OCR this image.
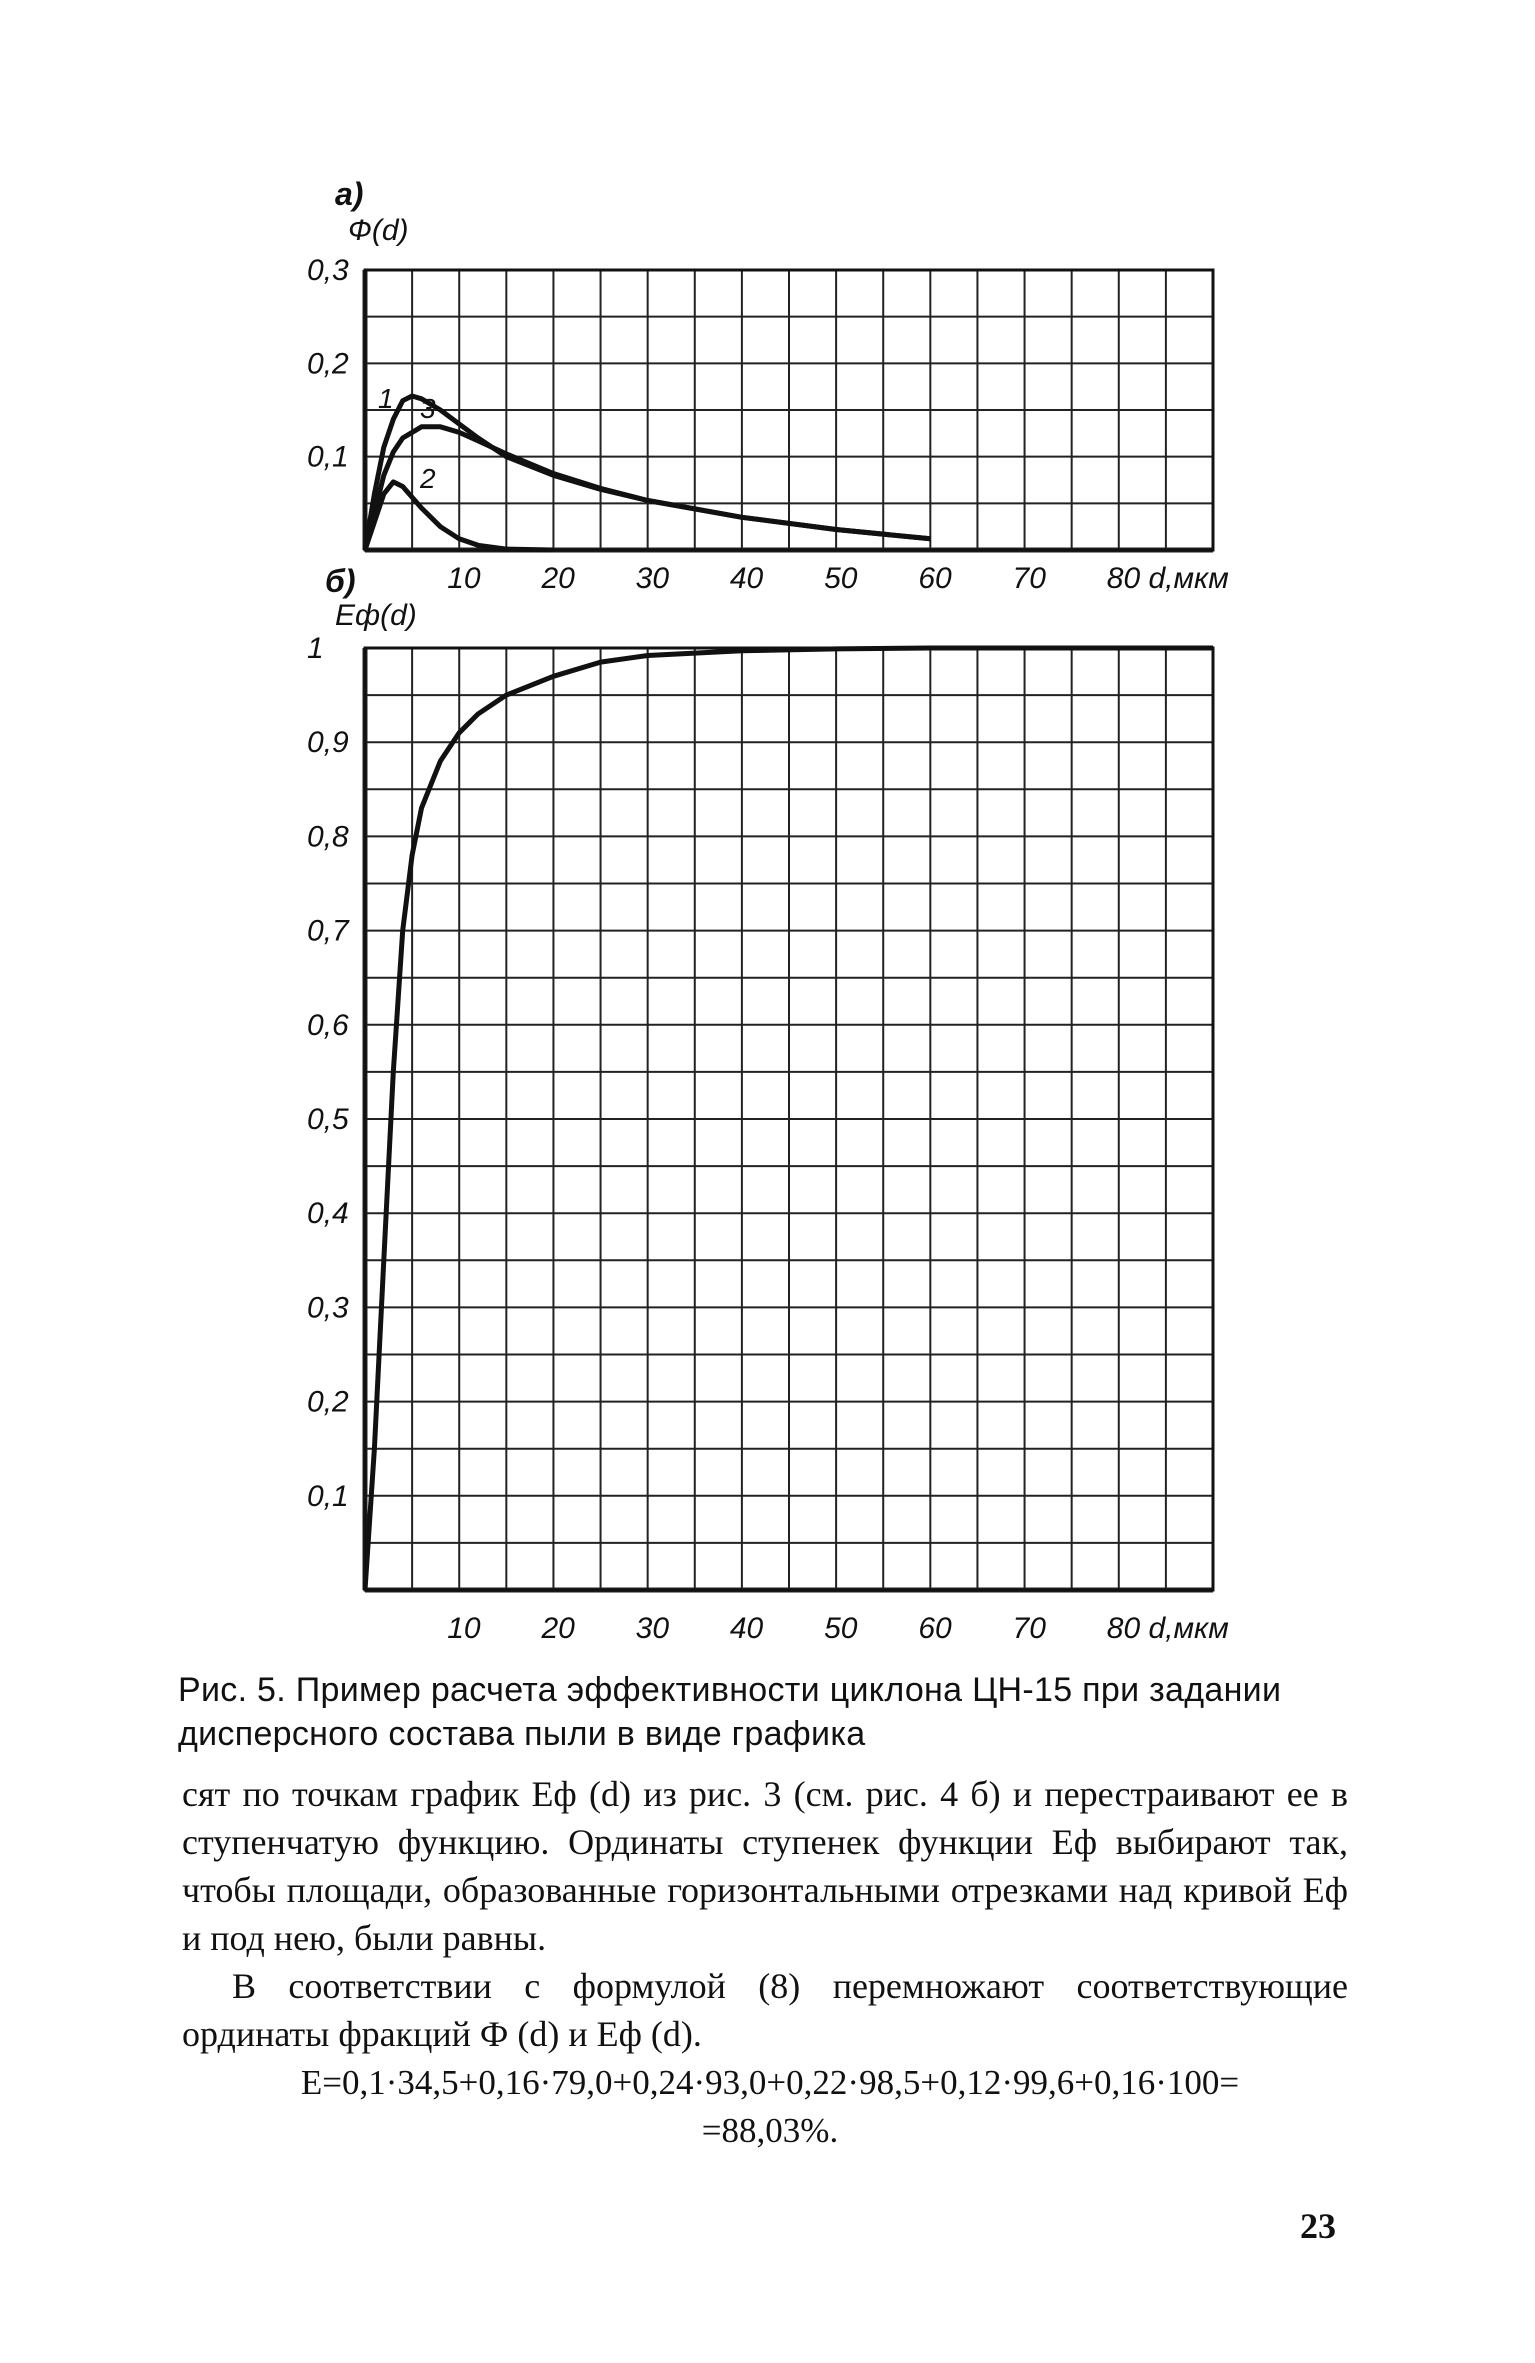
0,3
0,2
0,1
10 20 30 40 50 60 70 80 d,мкм
a)
Ф(d)
1 3
2
1
0,9
0,8
0,7
0,6
0,5
0,4
0,3
0,2
0,1
10 20 30 40 50 60 70 80 d,мкм
б)
Eф(d)
Рис. 5. Пример расчета эффективности циклона ЦН-15 при задании дисперсного состава пыли в виде графика
сят по точкам график Eф (d) из рис. 3 (см. рис. 4 б) и перестраивают ее в ступенчатую функцию. Ординаты ступенек функции Eф выбирают так, чтобы площади, образованные горизонтальными отрезками над кривой Eф и под нею, были равны.
В соответствии с формулой (8) перемножают соответствующие ординаты фракций Ф (d) и Eф (d).
E=0,1·34,5+0,16·79,0+0,24·93,0+0,22·98,5+0,12·99,6+0,16·100=
=88,03%.
23
